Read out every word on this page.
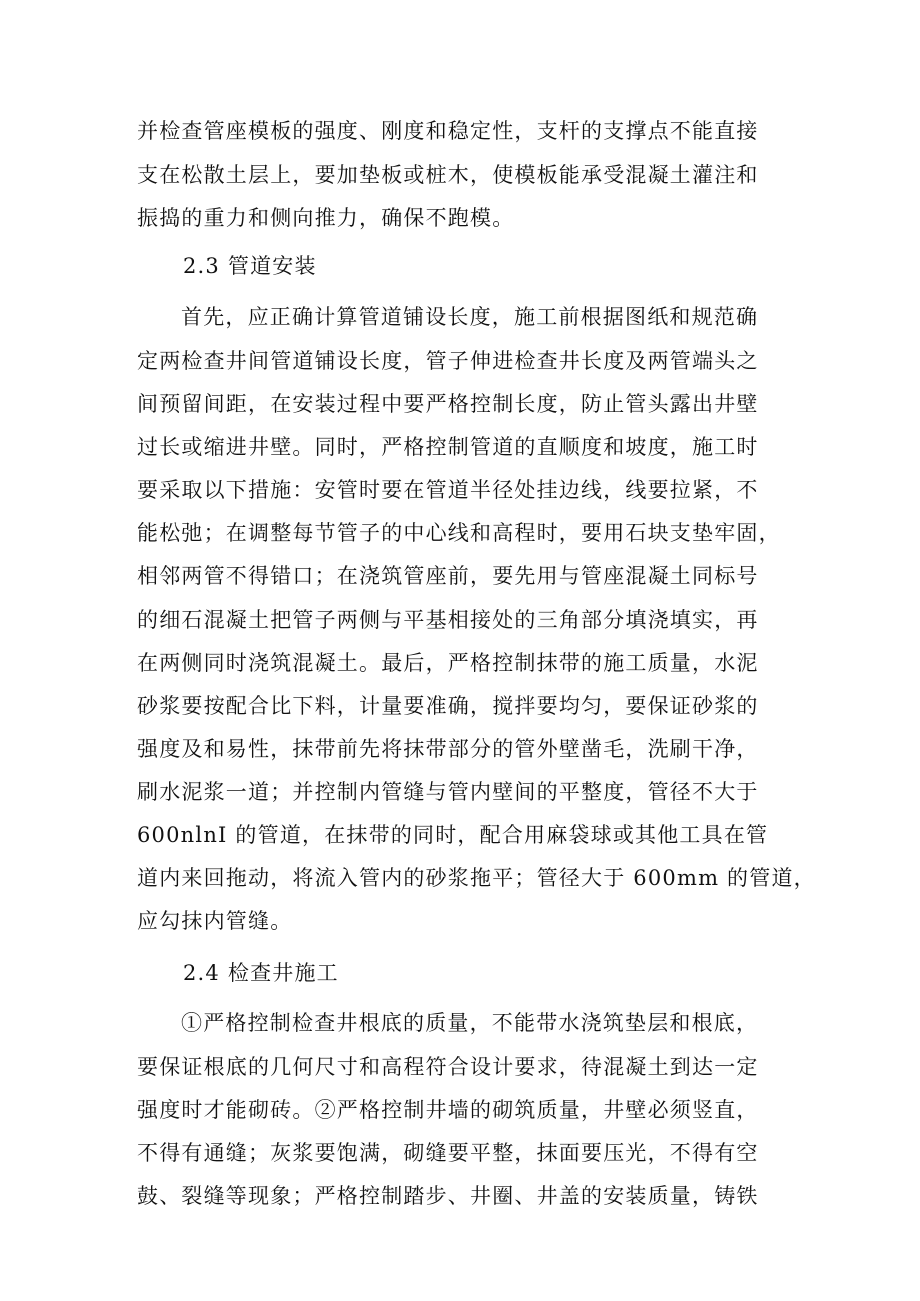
并检查管座模板的强度、刚度和稳定性，支杆的支撑点不能直接
支在松散土层上，要加垫板或桩木，使模板能承受混凝土灌注和
振捣的重力和侧向推力，确保不跑模。
2.3 管道安装
首先，应正确计算管道铺设长度，施工前根据图纸和规范确
定两检查井间管道铺设长度，管子伸进检查井长度及两管端头之
间预留间距，在安装过程中要严格控制长度，防止管头露出井壁
过长或缩进井壁。同时，严格控制管道的直顺度和坡度，施工时
要采取以下措施：安管时要在管道半径处挂边线，线要拉紧，不
能松弛；在调整每节管子的中心线和高程时，要用石块支垫牢固，
相邻两管不得错口；在浇筑管座前，要先用与管座混凝土同标号
的细石混凝土把管子两侧与平基相接处的三角部分填浇填实，再
在两侧同时浇筑混凝土。最后，严格控制抹带的施工质量，水泥
砂浆要按配合比下料，计量要准确，搅拌要均匀，要保证砂浆的
强度及和易性，抹带前先将抹带部分的管外壁凿毛，洗刷干净，
刷水泥浆一道；并控制内管缝与管内壁间的平整度，管径不大于
600nlnI 的管道，在抹带的同时，配合用麻袋球或其他工具在管
道内来回拖动，将流入管内的砂浆拖平；管径大于 600mm 的管道，
应勾抹内管缝。
2.4 检查井施工
①严格控制检查井根底的质量，不能带水浇筑垫层和根底，
要保证根底的几何尺寸和高程符合设计要求，待混凝土到达一定
强度时才能砌砖。②严格控制井墙的砌筑质量，井壁必须竖直，
不得有通缝；灰浆要饱满，砌缝要平整，抹面要压光，不得有空
鼓、裂缝等现象；严格控制踏步、井圈、井盖的安装质量，铸铁
